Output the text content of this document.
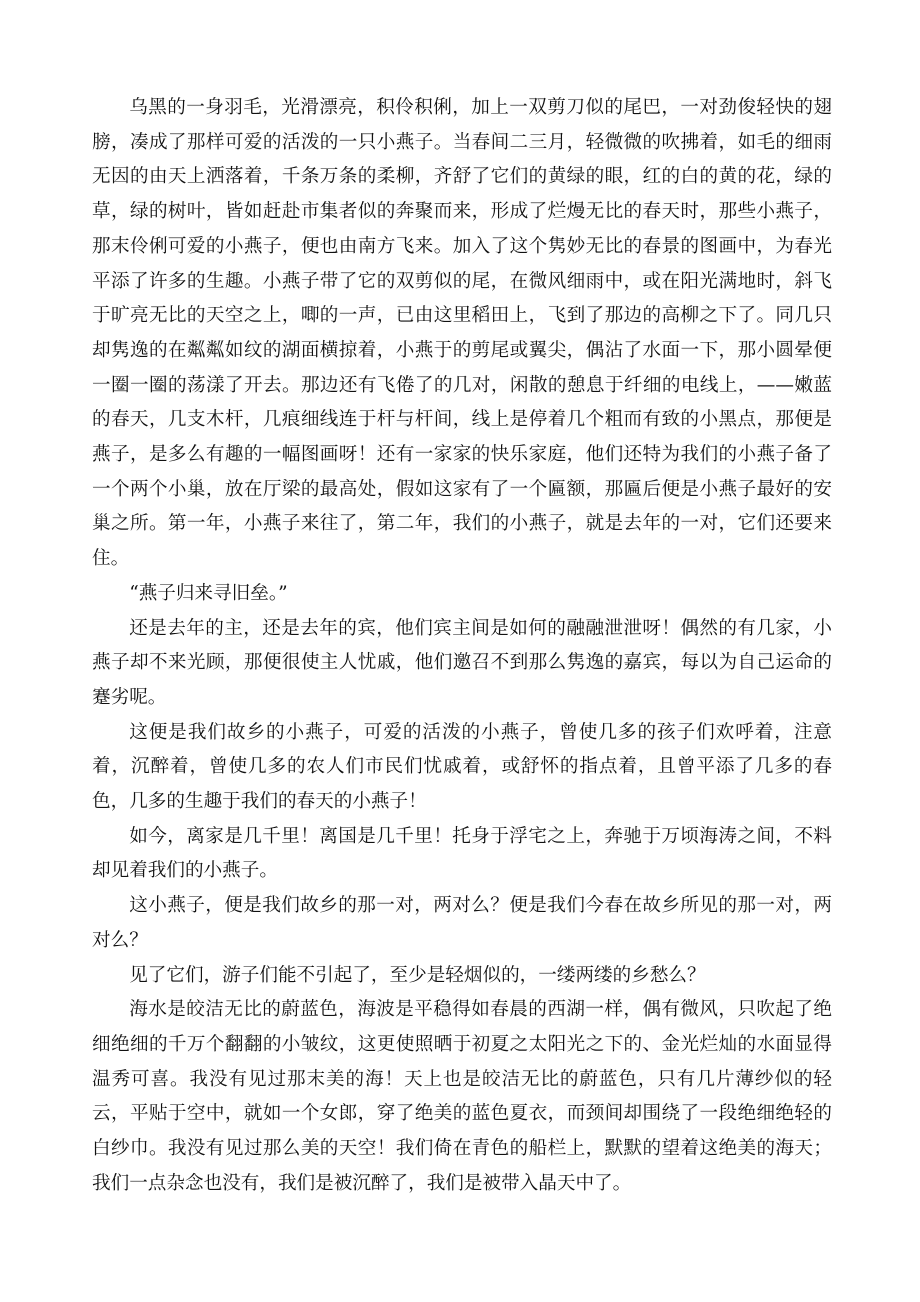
乌黑的一身羽毛，光滑漂亮，积伶积俐，加上一双剪刀似的尾巴，一对劲俊轻快的翅膀，凑成了那样可爱的活泼的一只小燕子。当春间二三月，轻微微的吹拂着，如毛的细雨无因的由天上洒落着，千条万条的柔柳，齐舒了它们的黄绿的眼，红的白的黄的花，绿的草，绿的树叶，皆如赶赴市集者似的奔聚而来，形成了烂熳无比的春天时，那些小燕子，那末伶俐可爱的小燕子，便也由南方飞来。加入了这个隽妙无比的春景的图画中，为春光平添了许多的生趣。小燕子带了它的双剪似的尾，在微风细雨中，或在阳光满地时，斜飞于旷亮无比的天空之上，唧的一声，已由这里稻田上，飞到了那边的高柳之下了。同几只却隽逸的在粼粼如纹的湖面横掠着，小燕于的剪尾或翼尖，偶沾了水面一下，那小圆晕便一圈一圈的荡漾了开去。那边还有飞倦了的几对，闲散的憩息于纤细的电线上，——嫩蓝的春天，几支木杆，几痕细线连于杆与杆间，线上是停着几个粗而有致的小黑点，那便是燕子，是多么有趣的一幅图画呀！还有一家家的快乐家庭，他们还特为我们的小燕子备了一个两个小巢，放在厅梁的最高处，假如这家有了一个匾额，那匾后便是小燕子最好的安巢之所。第一年，小燕子来往了，第二年，我们的小燕子，就是去年的一对，它们还要来住。

“燕子归来寻旧垒。”

还是去年的主，还是去年的宾，他们宾主间是如何的融融泄泄呀！偶然的有几家，小燕子却不来光顾，那便很使主人忧戚，他们邀召不到那么隽逸的嘉宾，每以为自己运命的蹇劣呢。

这便是我们故乡的小燕子，可爱的活泼的小燕子，曾使几多的孩子们欢呼着，注意着，沉醉着，曾使几多的农人们市民们忧戚着，或舒怀的指点着，且曾平添了几多的春色，几多的生趣于我们的春天的小燕子！

如今，离家是几千里！离国是几千里！托身于浮宅之上，奔驰于万顷海涛之间，不料却见着我们的小燕子。

这小燕子，便是我们故乡的那一对，两对么？便是我们今春在故乡所见的那一对，两对么？

见了它们，游子们能不引起了，至少是轻烟似的，一缕两缕的乡愁么？

海水是皎洁无比的蔚蓝色，海波是平稳得如春晨的西湖一样，偶有微风，只吹起了绝细绝细的千万个翻翻的小皱纹，这更使照晒于初夏之太阳光之下的、金光烂灿的水面显得温秀可喜。我没有见过那末美的海！天上也是皎洁无比的蔚蓝色，只有几片薄纱似的轻云，平贴于空中，就如一个女郎，穿了绝美的蓝色夏衣，而颈间却围绕了一段绝细绝轻的白纱巾。我没有见过那么美的天空！我们倚在青色的船栏上，默默的望着这绝美的海天；我们一点杂念也没有，我们是被沉醉了，我们是被带入晶天中了。
